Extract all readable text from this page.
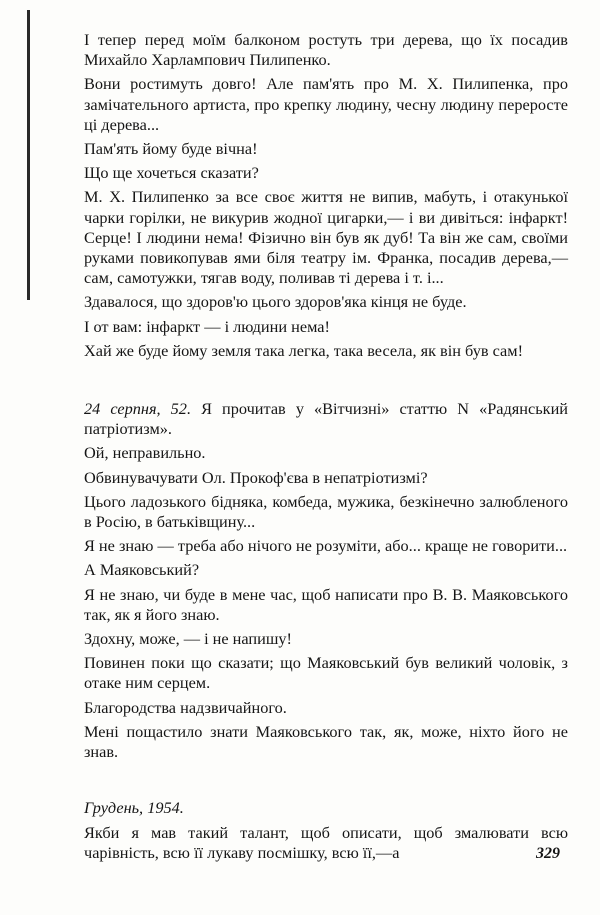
І тепер перед моїм балконом ростуть три дерева, що їх посадив Михайло Харлампович Пилипенко.

Вони ростимуть довго! Але пам'ять про М. Х. Пилипенка, про замічательного артиста, про крепку людину, чесну людину переросте ці дерева...

Пам'ять йому буде вічна!

Що ще хочеться сказати?

М. Х. Пилипенко за все своє життя не випив, мабуть, і отакунької чарки горілки, не викурив жодної цигарки,— і ви дивіться: інфаркт! Серце! І людини нема! Фізично він був як дуб! Та він же сам, своїми руками повикопував ями біля театру ім. Франка, посадив дерева,— сам, самотужки, тягав воду, поливав ті дерева і т. і...

Здавалося, що здоров'ю цього здоров'яка кінця не буде.

І от вам: інфаркт — і людини нема!

Хай же буде йому земля така легка, така весела, як він був сам!

24 серпня, 52. Я прочитав у «Вітчизні» статтю N «Радянський патріотизм».

Ой, неправильно.

Обвинувачувати Ол. Прокоф'єва в непатріотизмі?

Цього ладозького бідняка, комбеда, мужика, безкінечно залюбленого в Росію, в батьківщину...

Я не знаю — треба або нічого не розуміти, або... краще не говорити...

А Маяковський?

Я не знаю, чи буде в мене час, щоб написати про В. В. Маяковського так, як я його знаю.

Здохну, може, — і не напишу!

Повинен поки що сказати; що Маяковський був великий чоловік, з отаке ним серцем.

Благородства надзвичайного.

Мені пощастило знати Маяковського так, як, може, ніхто його не знав.

Грудень, 1954.

Якби я мав такий талант, щоб описати, щоб змалювати всю чарівність, всю її лукаву посмішку, всю її,—а	329
